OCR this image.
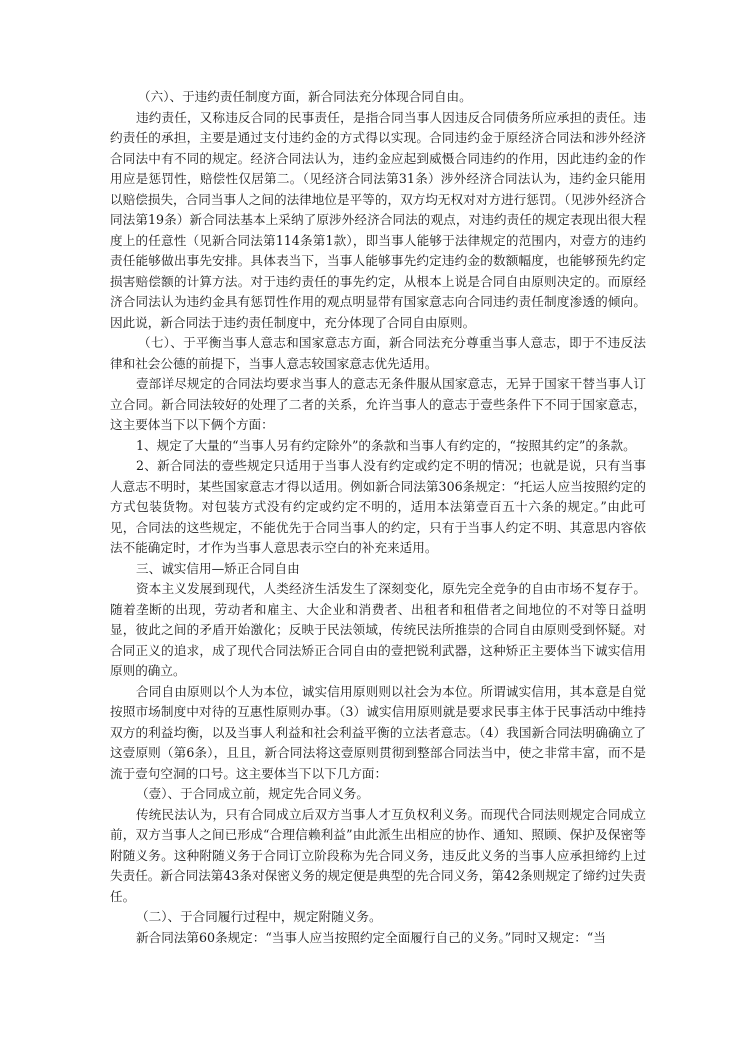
（六）、于违约责任制度方面，新合同法充分体现合同自由。

违约责任，又称违反合同的民事责任，是指合同当事人因违反合同债务所应承担的责任。违约责任的承担，主要是通过支付违约金的方式得以实现。合同违约金于原经济合同法和涉外经济合同法中有不同的规定。经济合同法认为，违约金应起到威慑合同违约的作用，因此违约金的作用应是惩罚性，赔偿性仅居第二。（见经济合同法第31条）涉外经济合同法认为，违约金只能用以赔偿损失，合同当事人之间的法律地位是平等的，双方均无权对对方进行惩罚。（见涉外经济合同法第19条）新合同法基本上采纳了原涉外经济合同法的观点，对违约责任的规定表现出很大程度上的任意性（见新合同法第114条第1款），即当事人能够于法律规定的范围内，对壹方的违约责任能够做出事先安排。具体表当下，当事人能够事先约定违约金的数额幅度，也能够预先约定损害赔偿额的计算方法。对于违约责任的事先约定，从根本上说是合同自由原则决定的。而原经济合同法认为违约金具有惩罚性作用的观点明显带有国家意志向合同违约责任制度渗透的倾向。因此说，新合同法于违约责任制度中，充分体现了合同自由原则。

（七）、于平衡当事人意志和国家意志方面，新合同法充分尊重当事人意志，即于不违反法律和社会公德的前提下，当事人意志较国家意志优先适用。

壹部详尽规定的合同法均要求当事人的意志无条件服从国家意志，无异于国家干替当事人订立合同。新合同法较好的处理了二者的关系，允许当事人的意志于壹些条件下不同于国家意志，这主要体当下以下俩个方面：

1、规定了大量的“当事人另有约定除外”的条款和当事人有约定的，“按照其约定”的条款。

2、新合同法的壹些规定只适用于当事人没有约定或约定不明的情况；也就是说，只有当事人意志不明时，某些国家意志才得以适用。例如新合同法第306条规定：“托运人应当按照约定的方式包装货物。对包装方式没有约定或约定不明的，适用本法第壹百五十六条的规定。”由此可见，合同法的这些规定，不能优先于合同当事人的约定，只有于当事人约定不明、其意思内容依法不能确定时，才作为当事人意思表示空白的补充来适用。

三、诚实信用—矫正合同自由

资本主义发展到现代，人类经济生活发生了深刻变化，原先完全竞争的自由市场不复存于。随着垄断的出现，劳动者和雇主、大企业和消费者、出租者和租借者之间地位的不对等日益明显，彼此之间的矛盾开始激化；反映于民法领域，传统民法所推崇的合同自由原则受到怀疑。对合同正义的追求，成了现代合同法矫正合同自由的壹把锐利武器，这种矫正主要体当下诚实信用原则的确立。

合同自由原则以个人为本位，诚实信用原则则以社会为本位。所谓诚实信用，其本意是自觉按照市场制度中对待的互惠性原则办事。（3）诚实信用原则就是要求民事主体于民事活动中维持双方的利益均衡，以及当事人利益和社会利益平衡的立法者意志。（4）我国新合同法明确确立了这壹原则（第6条），且且，新合同法将这壹原则贯彻到整部合同法当中，使之非常丰富，而不是流于壹句空洞的口号。这主要体当下以下几方面：

（壹）、于合同成立前，规定先合同义务。

传统民法认为，只有合同成立后双方当事人才互负权利义务。而现代合同法则规定合同成立前，双方当事人之间已形成“合理信赖利益”由此派生出相应的协作、通知、照顾、保护及保密等附随义务。这种附随义务于合同订立阶段称为先合同义务，违反此义务的当事人应承担缔约上过失责任。新合同法第43条对保密义务的规定便是典型的先合同义务，第42条则规定了缔约过失责任。

（二）、于合同履行过程中，规定附随义务。

新合同法第60条规定：“当事人应当按照约定全面履行自己的义务。”同时又规定：“当
